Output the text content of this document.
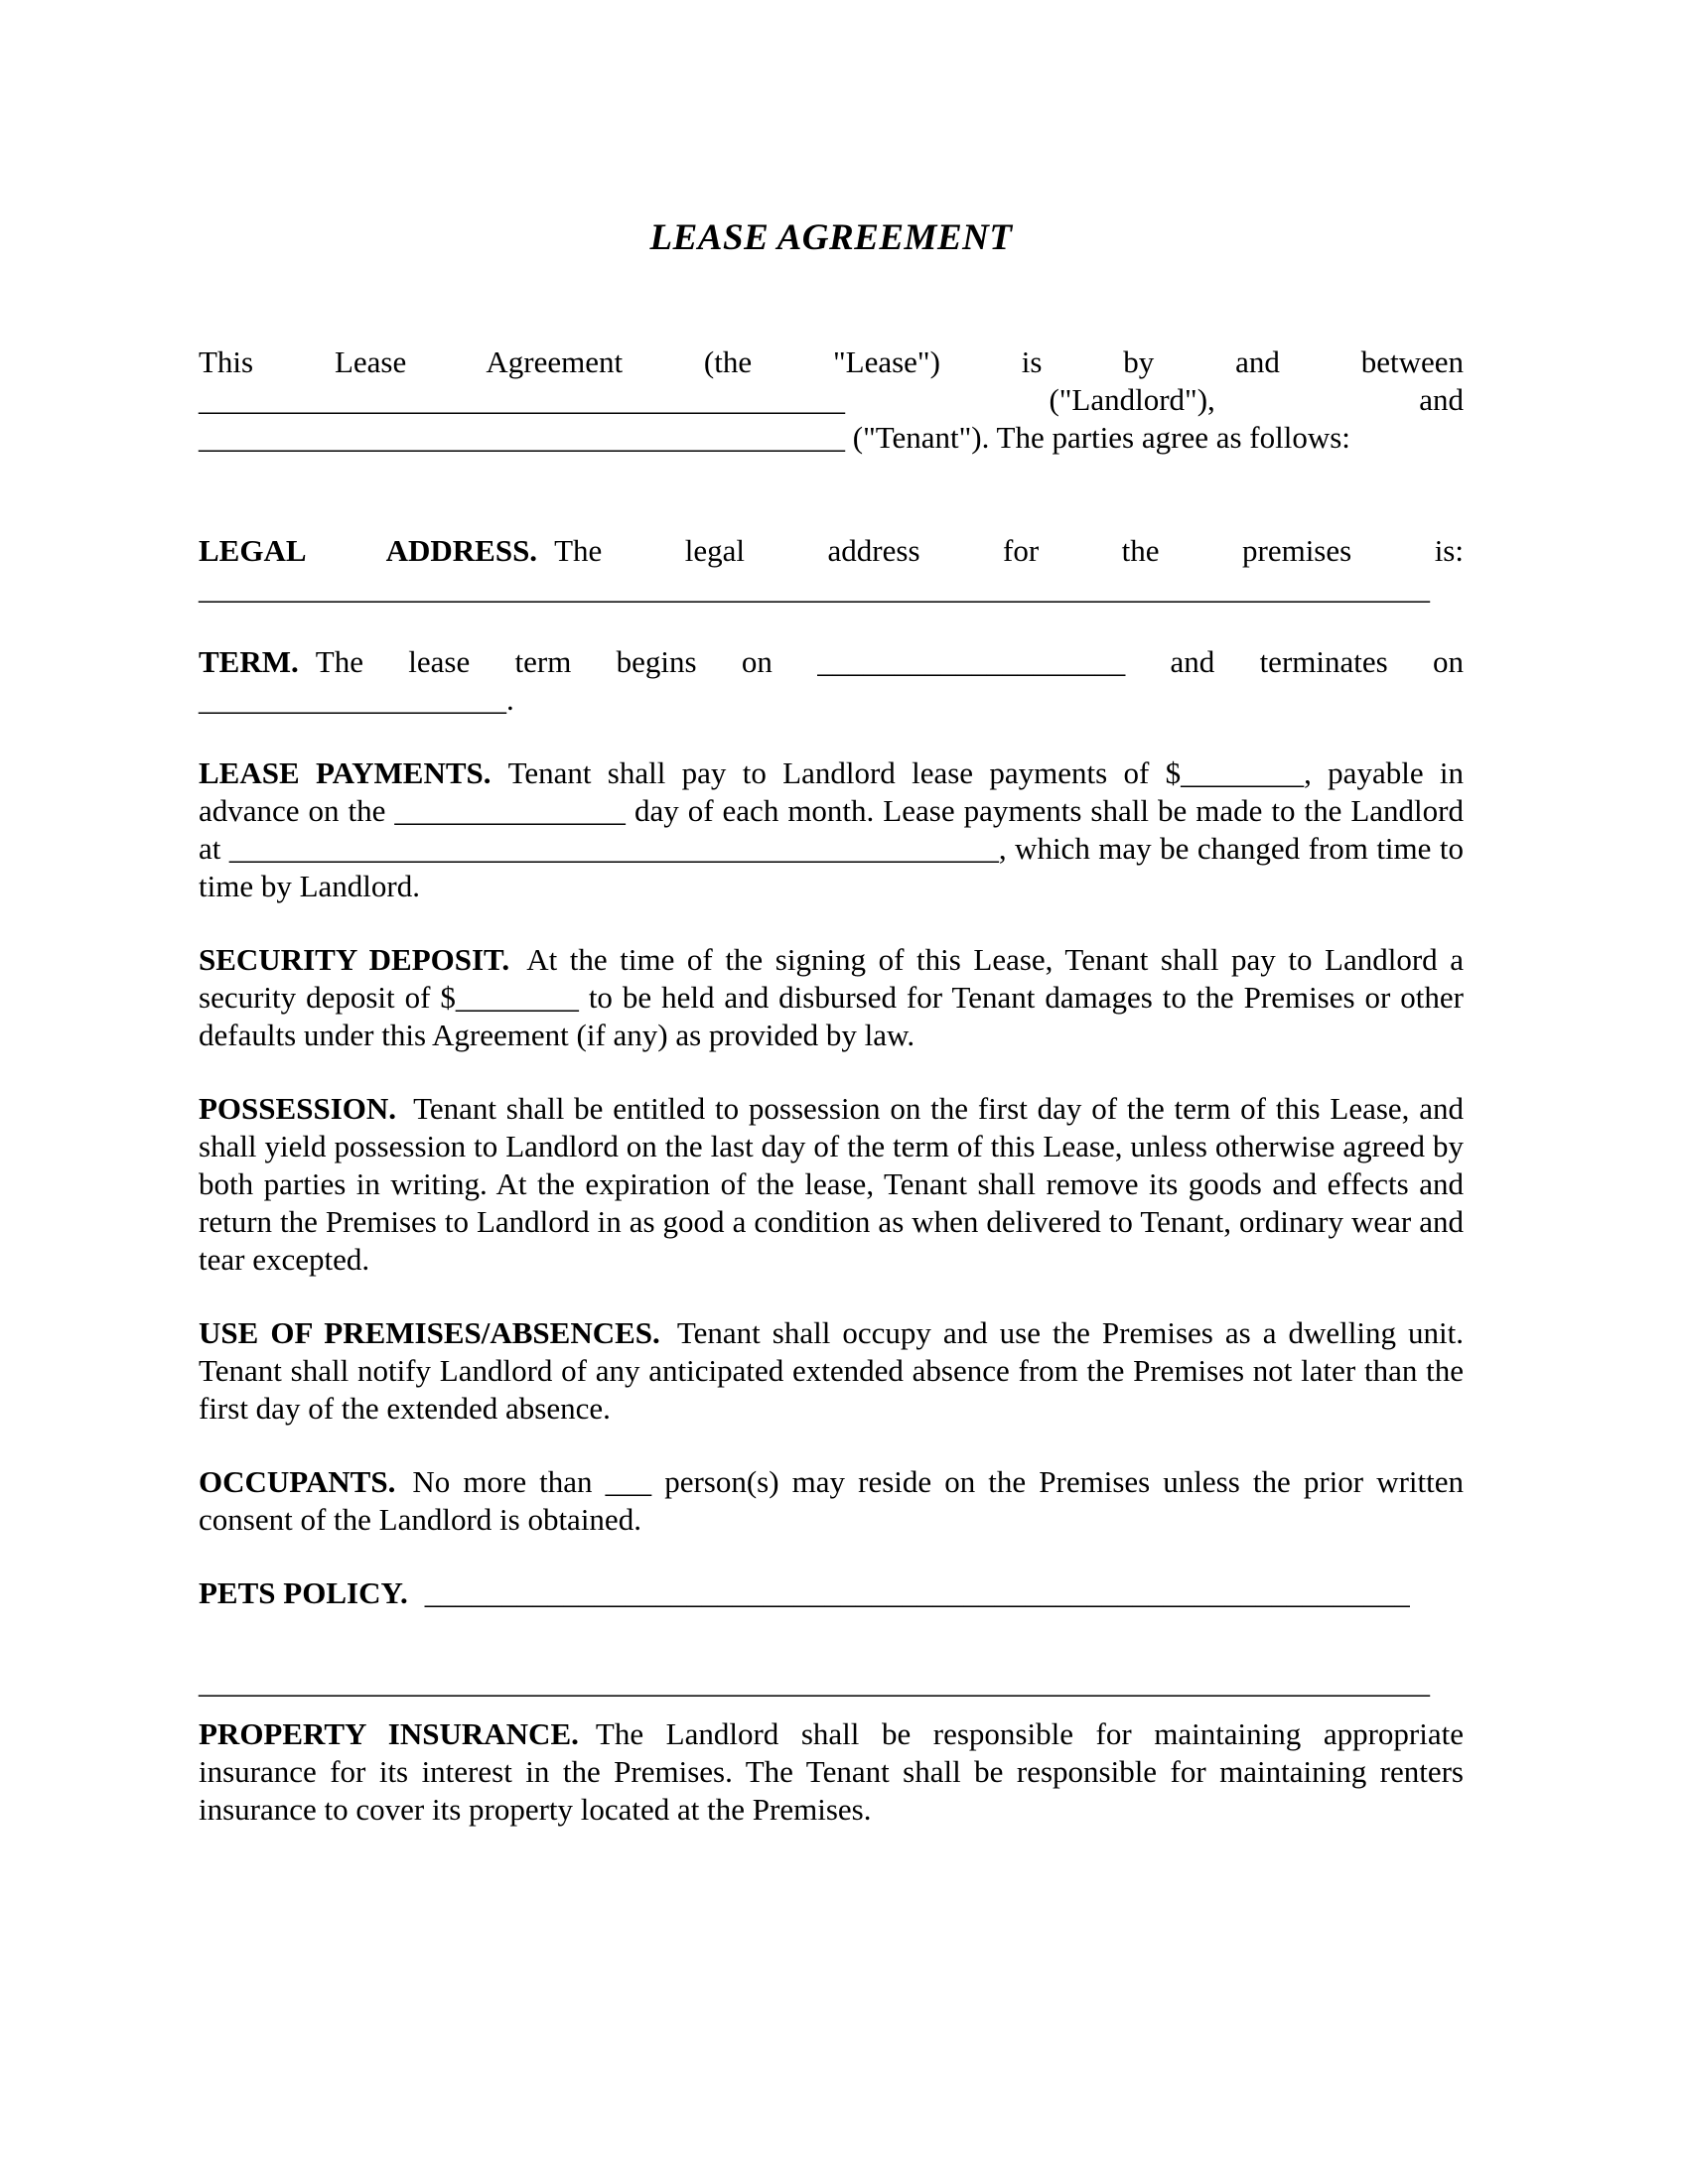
LEASE AGREEMENT

This Lease Agreement (the "Lease") is by and between __________________________________________ ("Landlord"), and __________________________________________ ("Tenant"). The parties agree as follows:

LEGAL ADDRESS. The legal address for the premises is: ________________________________________________________________________________

TERM. The lease term begins on ____________________ and terminates on ____________________.

LEASE PAYMENTS. Tenant shall pay to Landlord lease payments of $________, payable in advance on the _______________ day of each month. Lease payments shall be made to the Landlord at __________________________________________________, which may be changed from time to time by Landlord.

SECURITY DEPOSIT. At the time of the signing of this Lease, Tenant shall pay to Landlord a security deposit of $________ to be held and disbursed for Tenant damages to the Premises or other defaults under this Agreement (if any) as provided by law.

POSSESSION. Tenant shall be entitled to possession on the first day of the term of this Lease, and shall yield possession to Landlord on the last day of the term of this Lease, unless otherwise agreed by both parties in writing. At the expiration of the lease, Tenant shall remove its goods and effects and return the Premises to Landlord in as good a condition as when delivered to Tenant, ordinary wear and tear excepted.

USE OF PREMISES/ABSENCES. Tenant shall occupy and use the Premises as a dwelling unit. Tenant shall notify Landlord of any anticipated extended absence from the Premises not later than the first day of the extended absence.

OCCUPANTS. No more than ___ person(s) may reside on the Premises unless the prior written consent of the Landlord is obtained.

PETS POLICY. ________________________________________________________________

________________________________________________________________________________

PROPERTY INSURANCE. The Landlord shall be responsible for maintaining appropriate insurance for its interest in the Premises. The Tenant shall be responsible for maintaining renters insurance to cover its property located at the Premises.
